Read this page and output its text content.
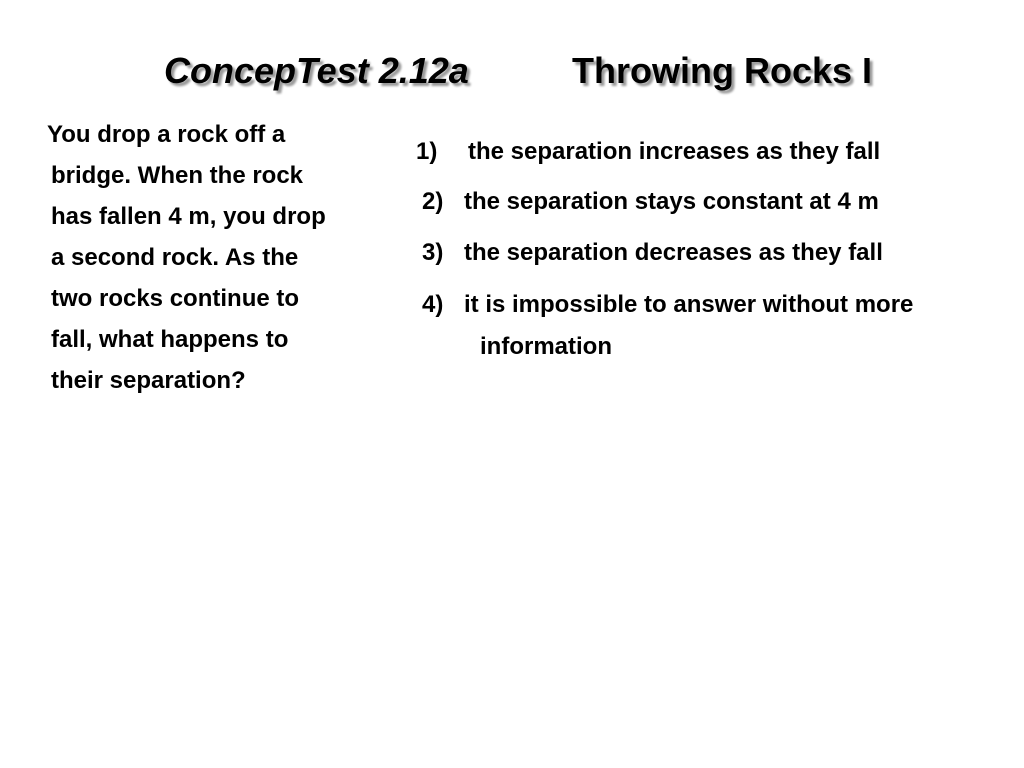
ConcepTest 2.12a	Throwing Rocks I
You drop a rock off a
bridge. When the rock
has fallen 4 m, you drop
a second rock. As the
two rocks continue to
fall, what happens to
their separation?
1) the separation increases as they fall
2) the separation stays constant at 4 m
3) the separation decreases as they fall
4) it is impossible to answer without more
information
